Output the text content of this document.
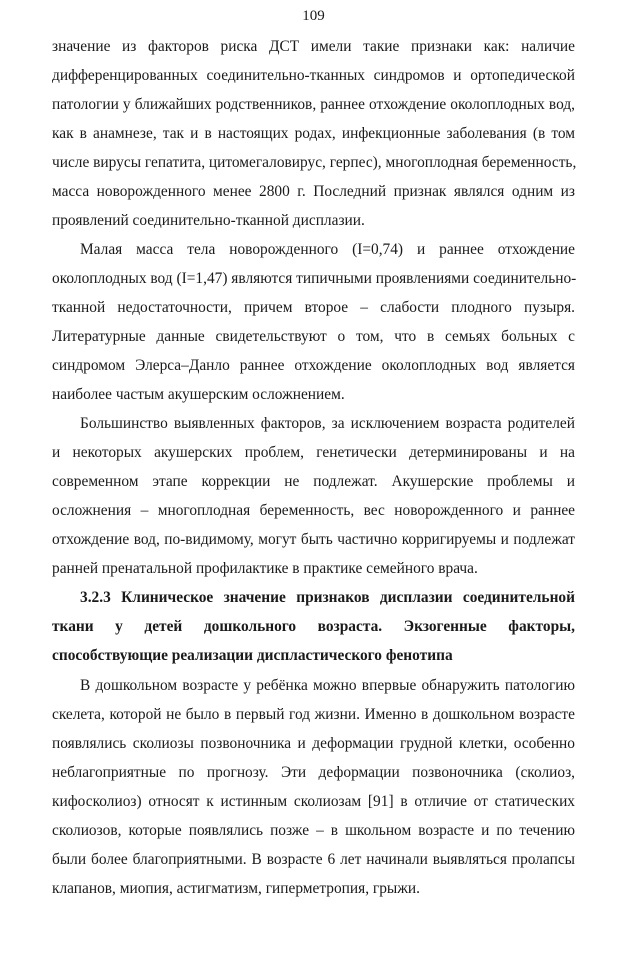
109
значение из факторов риска ДСТ имели такие признаки как: наличие
дифференцированных соединительно-тканных синдромов и ортопедической
патологии у ближайших родственников, раннее отхождение околоплодных вод,
как в анамнезе, так и в настоящих родах, инфекционные заболевания (в том
числе вирусы гепатита, цитомегаловирус, герпес), многоплодная беременность,
масса новорожденного менее 2800 г. Последний признак являлся одним из
проявлений соединительно-тканной дисплазии.
Малая масса тела новорожденного (I=0,74) и раннее отхождение
околоплодных вод (I=1,47) являются типичными проявлениями соединительно-
тканной недостаточности, причем второе – слабости плодного пузыря.
Литературные данные свидетельствуют о том, что в семьях больных с
синдромом Элерса–Данло раннее отхождение околоплодных вод является
наиболее частым акушерским осложнением.
Большинство выявленных факторов, за исключением возраста родителей
и некоторых акушерских проблем, генетически детерминированы и на
современном этапе коррекции не подлежат. Акушерские проблемы и
осложнения – многоплодная беременность, вес новорожденного и раннее
отхождение вод, по-видимому, могут быть частично корригируемы и подлежат
ранней пренатальной профилактике в практике семейного врача.
3.2.3 Клиническое значение признаков дисплазии соединительной
ткани у детей дошкольного возраста. Экзогенные факторы,
способствующие реализации диспластического фенотипа
В дошкольном возрасте у ребёнка можно впервые обнаружить патологию
скелета, которой не было в первый год жизни. Именно в дошкольном возрасте
появлялись сколиозы позвоночника и деформации грудной клетки, особенно
неблагоприятные по прогнозу. Эти деформации позвоночника (сколиоз,
кифосколиоз) относят к истинным сколиозам [91] в отличие от статических
сколиозов, которые появлялись позже – в школьном возрасте и по течению
были более благоприятными. В возрасте 6 лет начинали выявляться пролапсы
клапанов, миопия, астигматизм, гиперметропия, грыжи.
